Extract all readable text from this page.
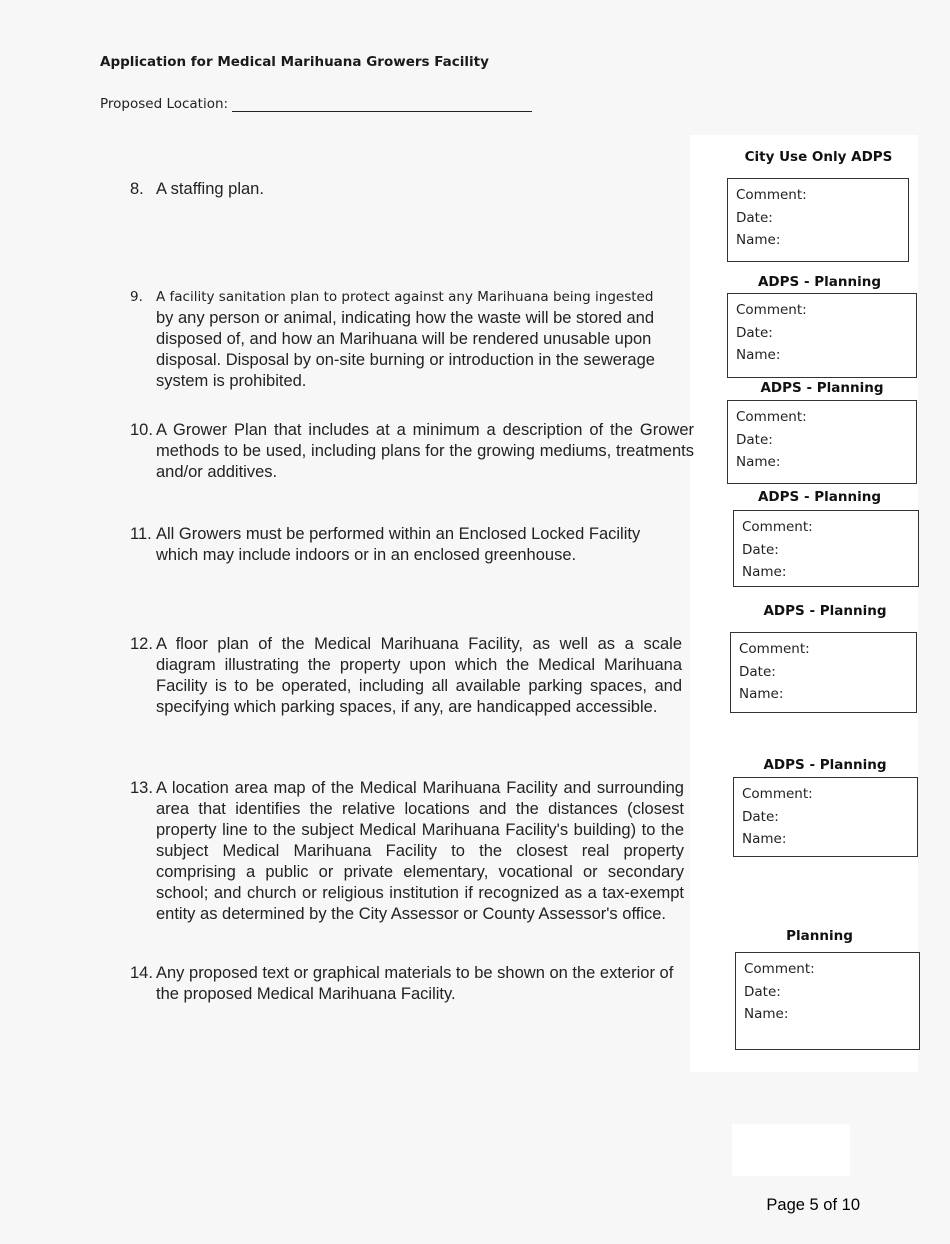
Application for Medical Marihuana Growers Facility
Proposed Location:
8. A staffing plan.
9. A facility sanitation plan to protect against any Marihuana being ingested
by any person or animal, indicating how the waste will be stored and disposed of, and how an Marihuana will be rendered unusable upon disposal. Disposal by on-site burning or introduction in the sewerage system is prohibited.
10. A Grower Plan that includes at a minimum a description of the Grower methods to be used, including plans for the growing mediums, treatments and/or additives.
11. All Growers must be performed within an Enclosed Locked Facility which may include indoors or in an enclosed greenhouse.
12. A floor plan of the Medical Marihuana Facility, as well as a scale diagram illustrating the property upon which the Medical Marihuana Facility is to be operated, including all available parking spaces, and specifying which parking spaces, if any, are handicapped accessible.
13. A location area map of the Medical Marihuana Facility and surrounding area that identifies the relative locations and the distances (closest property line to the subject Medical Marihuana Facility's building) to the subject Medical Marihuana Facility to the closest real property comprising a public or private elementary, vocational or secondary school; and church or religious institution if recognized as a tax-exempt entity as determined by the City Assessor or County Assessor's office.
14. Any proposed text or graphical materials to be shown on the exterior of the proposed Medical Marihuana Facility.
City Use Only ADPS
Comment:
Date:
Name:
ADPS - Planning
Comment:
Date:
Name:
ADPS - Planning
Comment:
Date:
Name:
ADPS - Planning
Comment:
Date:
Name:
ADPS - Planning
Comment:
Date:
Name:
ADPS - Planning
Comment:
Date:
Name:
Planning
Comment:
Date:
Name:
Page 5 of 10
